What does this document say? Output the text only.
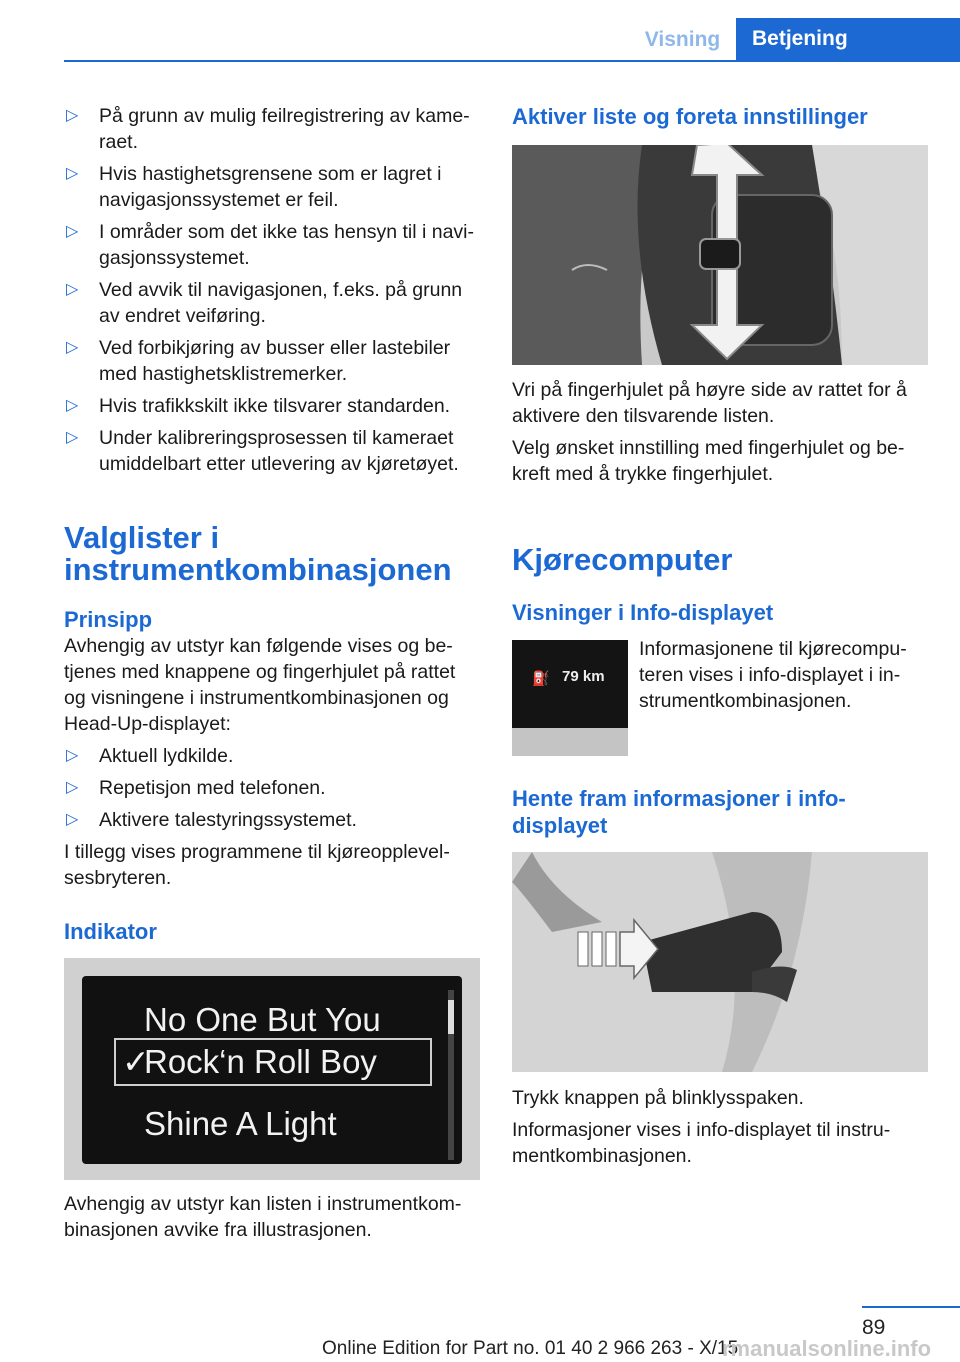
Visning	Betjening
▷ På grunn av mulig feilregistrering av kameraet.
▷ Hvis hastighetsgrensene som er lagret i navigasjonssystemet er feil.
▷ I områder som det ikke tas hensyn til i navigasjonssystemet.
▷ Ved avvik til navigasjonen, f.eks. på grunn av endret veiføring.
▷ Ved forbikjøring av busser eller lastebiler med hastighetsklistremerker.
▷ Hvis trafikkskilt ikke tilsvarer standarden.
▷ Under kalibreringsprosessen til kameraet umiddelbart etter utlevering av kjøretøyet.
Valglister i instrumentkombinasjonen
Prinsipp

Avhengig av utstyr kan følgende vises og betjenes med knappene og fingerhjulet på rattet og visningene i instrumentkombinasjonen og Head-Up-displayet:

▷ Aktuell lydkilde.
▷ Repetisjon med telefonen.
▷ Aktivere talestyringssystemet.

I tillegg vises programmene til kjøreopplevelsesbryteren.

Indikator
No One But You
✓
Rock‘n Roll Boy
Shine A Light

Avhengig av utstyr kan listen i instrumentkombinasjonen avvike fra illustrasjonen.

Aktiver liste og foreta innstillinger

Vri på fingerhjulet på høyre side av rattet for å aktivere den tilsvarende listen.

Velg ønsket innstilling med fingerhjulet og bekreft med å trykke fingerhjulet.

Kjørecomputer
Visninger i Info-displayet
⛽ 79 km

Informasjonene til kjørecomputeren vises i info-displayet i instrumentkombinasjonen.

Hente fram informasjoner i infodisplayet

Trykk knappen på blinklysspaken.

Informasjoner vises i info-displayet til instrumentkombinasjonen.

89
Online Edition for Part no. 01 40 2 966 263 - X/15
rmanualsonline.info
